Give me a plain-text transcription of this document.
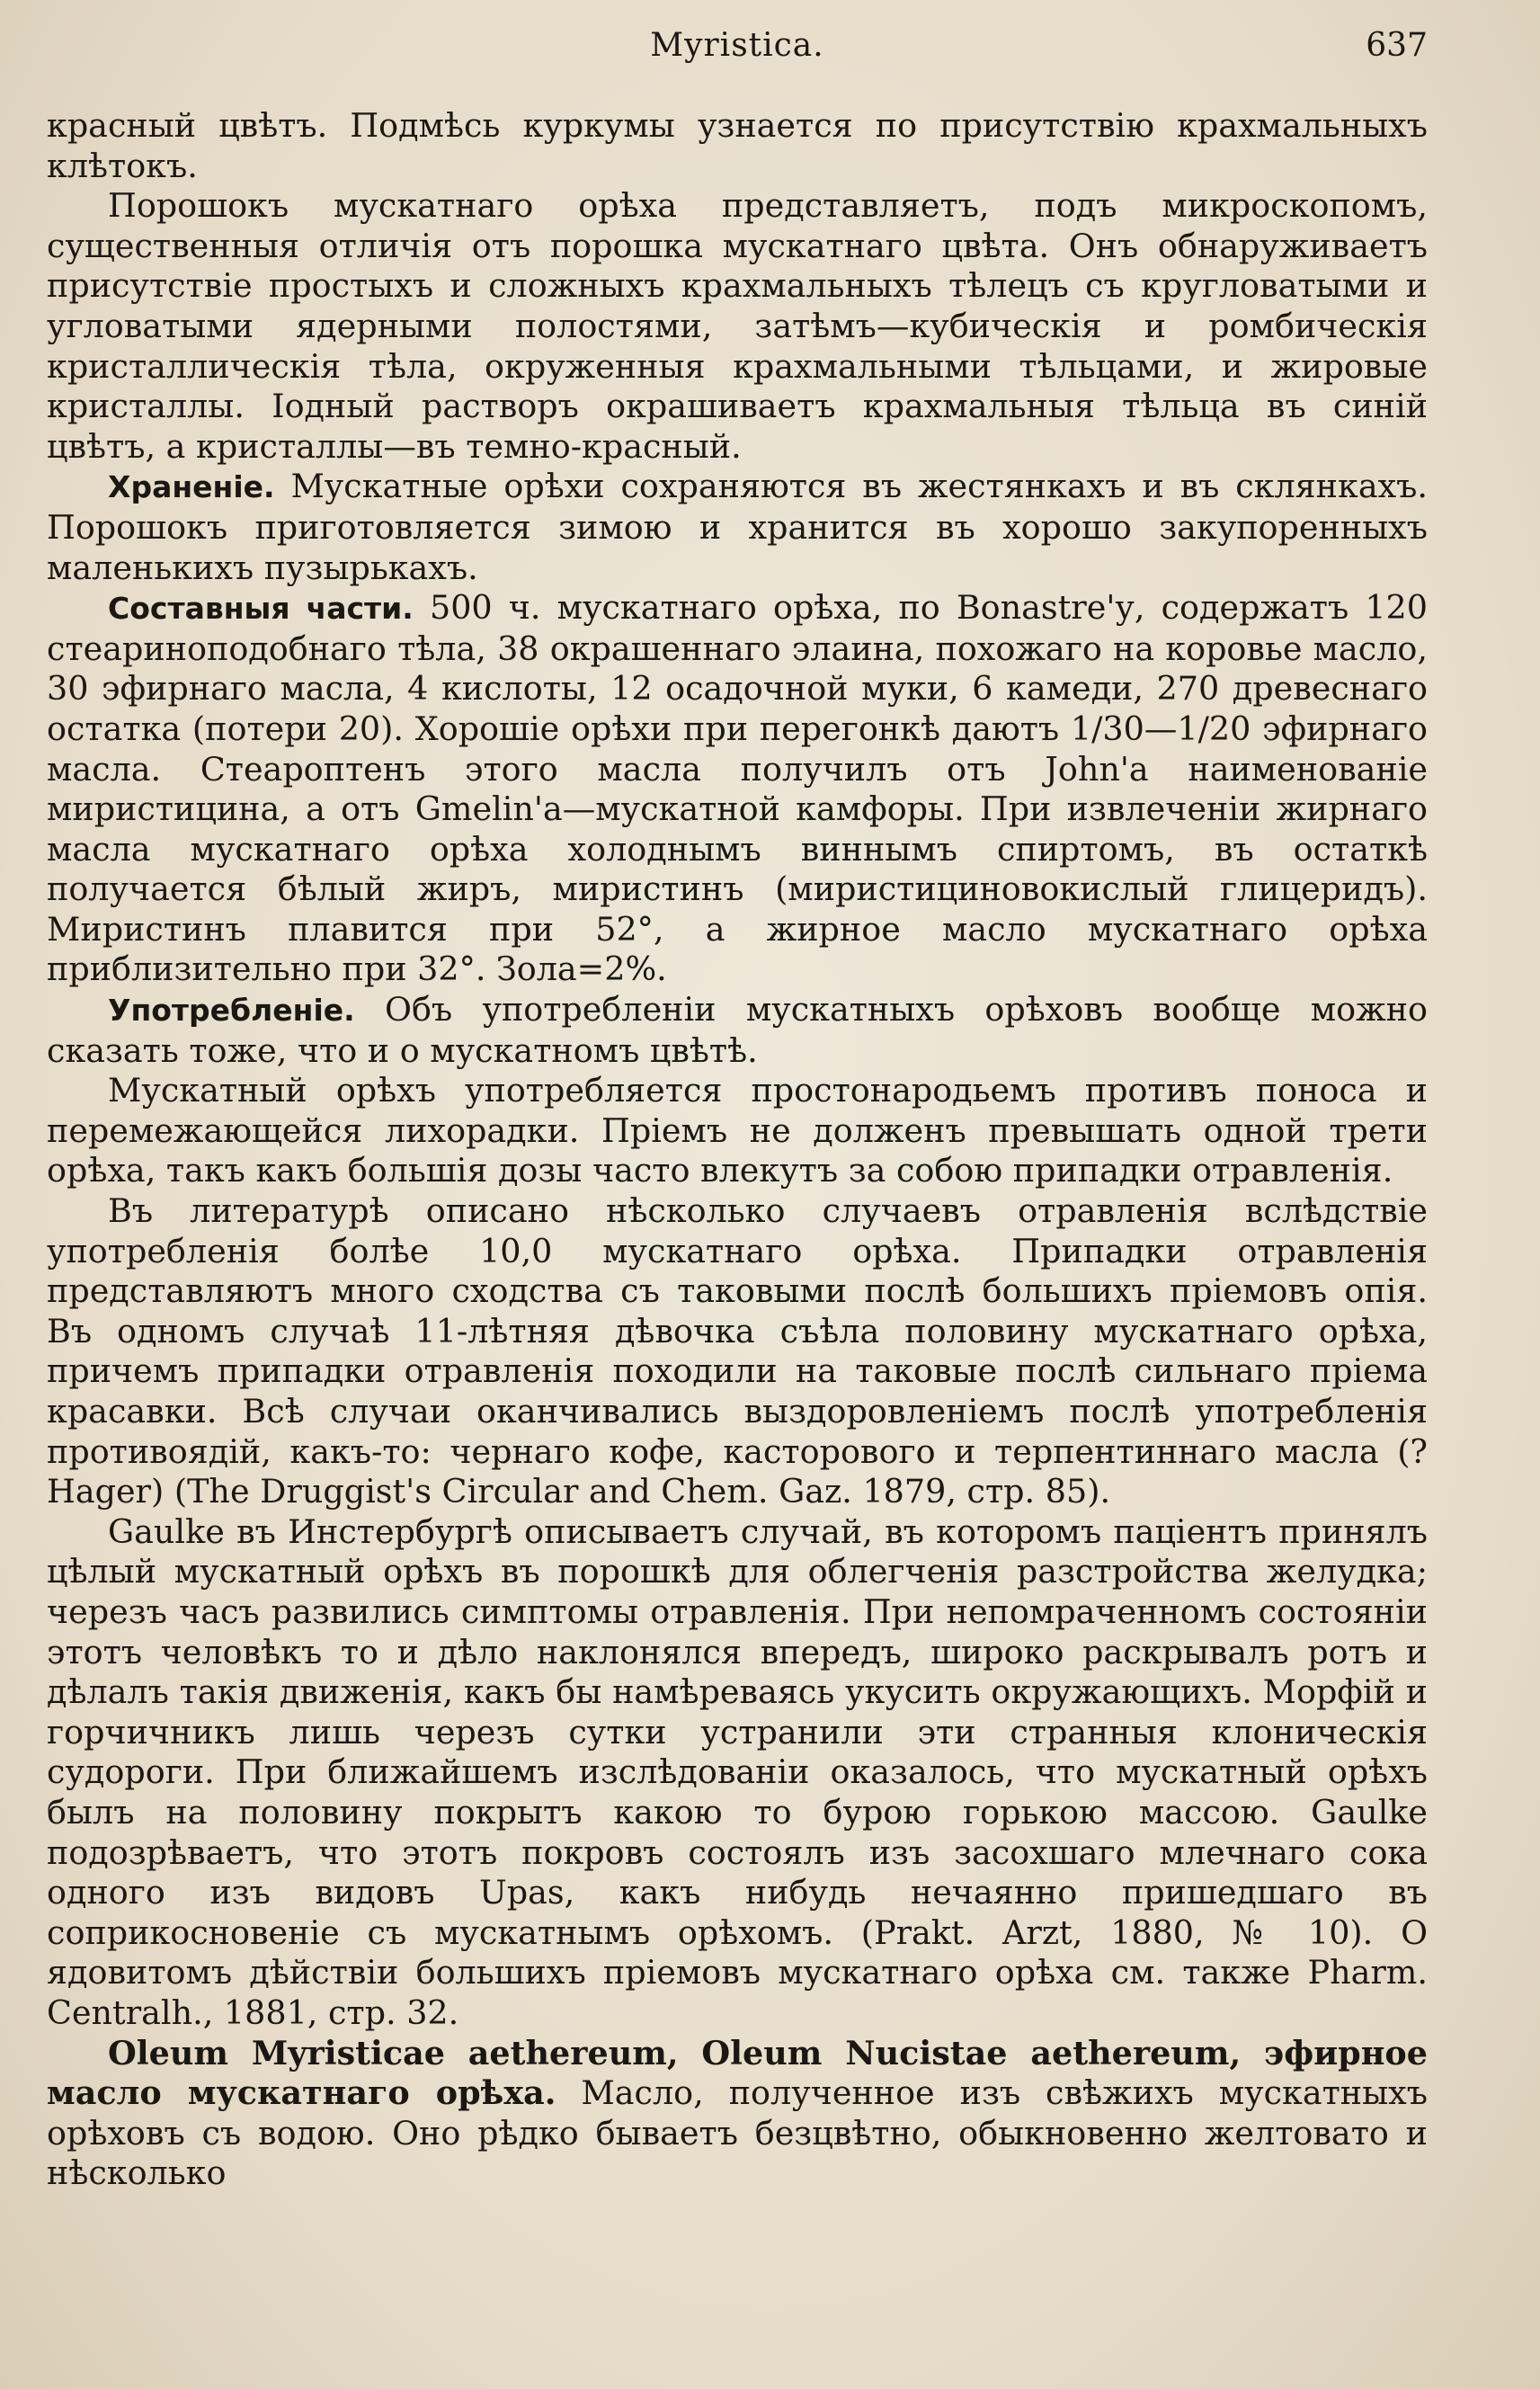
Myristica.	637

красный цвѣтъ. Подмѣсь куркумы узнается по присутствію крахмальныхъ клѣтокъ.

Порошокъ мускатнаго орѣха представляетъ, подъ микроскопомъ, существенныя отличія отъ порошка мускатнаго цвѣта. Онъ обнаруживаетъ присутствіе простыхъ и сложныхъ крахмальныхъ тѣлецъ съ кругловатыми и угловатыми ядерными полостями, затѣмъ—кубическія и ромбическія кристаллическія тѣла, окруженныя крахмальными тѣльцами, и жировые кристаллы. Іодный растворъ окрашиваетъ крахмальныя тѣльца въ синій цвѣтъ, а кристаллы—въ темно-красный.

Храненіе. Мускатные орѣхи сохраняются въ жестянкахъ и въ склянкахъ. Порошокъ приготовляется зимою и хранится въ хорошо закупоренныхъ маленькихъ пузырькахъ.

Составныя части. 500 ч. мускатнаго орѣха, по Bonastre'у, содержатъ 120 стеариноподобнаго тѣла, 38 окрашеннаго элаина, похожаго на коровье масло, 30 эфирнаго масла, 4 кислоты, 12 осадочной муки, 6 камеди, 270 древеснаго остатка (потери 20). Хорошіе орѣхи при перегонкѣ даютъ 1/30—1/20 эфирнаго масла. Стеароптенъ этого масла получилъ отъ John'а наименованіе миристицина, а отъ Gmelin'а—мускатной камфоры. При извлеченіи жирнаго масла мускатнаго орѣха холоднымъ виннымъ спиртомъ, въ остаткѣ получается бѣлый жиръ, миристинъ (миристициновокислый глицеридъ). Миристинъ плавится при 52°, а жирное масло мускатнаго орѣха приблизительно при 32°. Зола=2%.

Употребленіе. Объ употребленіи мускатныхъ орѣховъ вообще можно сказать тоже, что и о мускатномъ цвѣтѣ.

Мускатный орѣхъ употребляется простонародьемъ противъ поноса и перемежающейся лихорадки. Пріемъ не долженъ превышать одной трети орѣха, такъ какъ большія дозы часто влекутъ за собою припадки отравленія.

Въ литературѣ описано нѣсколько случаевъ отравленія вслѣдствіе употребленія болѣе 10,0 мускатнаго орѣха. Припадки отравленія представляютъ много сходства съ таковыми послѣ большихъ пріемовъ опія. Въ одномъ случаѣ 11-лѣтняя дѣвочка съѣла половину мускатнаго орѣха, причемъ припадки отравленія походили на таковые послѣ сильнаго пріема красавки. Всѣ случаи оканчивались выздоровленіемъ послѣ употребленія противоядій, какъ-то: чернаго кофе, касторового и терпентиннаго масла (? Hager) (The Druggist's Circular and Chem. Gaz. 1879, стр. 85).

Gaulke въ Инстербургѣ описываетъ случай, въ которомъ паціентъ принялъ цѣлый мускатный орѣхъ въ порошкѣ для облегченія разстройства желудка; черезъ часъ развились симптомы отравленія. При непомраченномъ состояніи этотъ человѣкъ то и дѣло наклонялся впередъ, широко раскрывалъ ротъ и дѣлалъ такія движенія, какъ бы намѣреваясь укусить окружающихъ. Морфій и горчичникъ лишь черезъ сутки устранили эти странныя клоническія судороги. При ближайшемъ изслѣдованіи оказалось, что мускатный орѣхъ былъ на половину покрытъ какою то бурою горькою массою. Gaulke подозрѣваетъ, что этотъ покровъ состоялъ изъ засохшаго млечнаго сока одного изъ видовъ Upas, какъ нибудь нечаянно пришедшаго въ соприкосновеніе съ мускатнымъ орѣхомъ. (Prakt. Arzt, 1880, № 10). О ядовитомъ дѣйствіи большихъ пріемовъ мускатнаго орѣха см. также Pharm. Centralh., 1881, стр. 32.

Oleum Myristicae aethereum, Oleum Nucistae aethereum, эфирное масло мускатнаго орѣха. Масло, полученное изъ свѣжихъ мускатныхъ орѣховъ съ водою. Оно рѣдко бываетъ безцвѣтно, обыкновенно желтовато и нѣсколько
